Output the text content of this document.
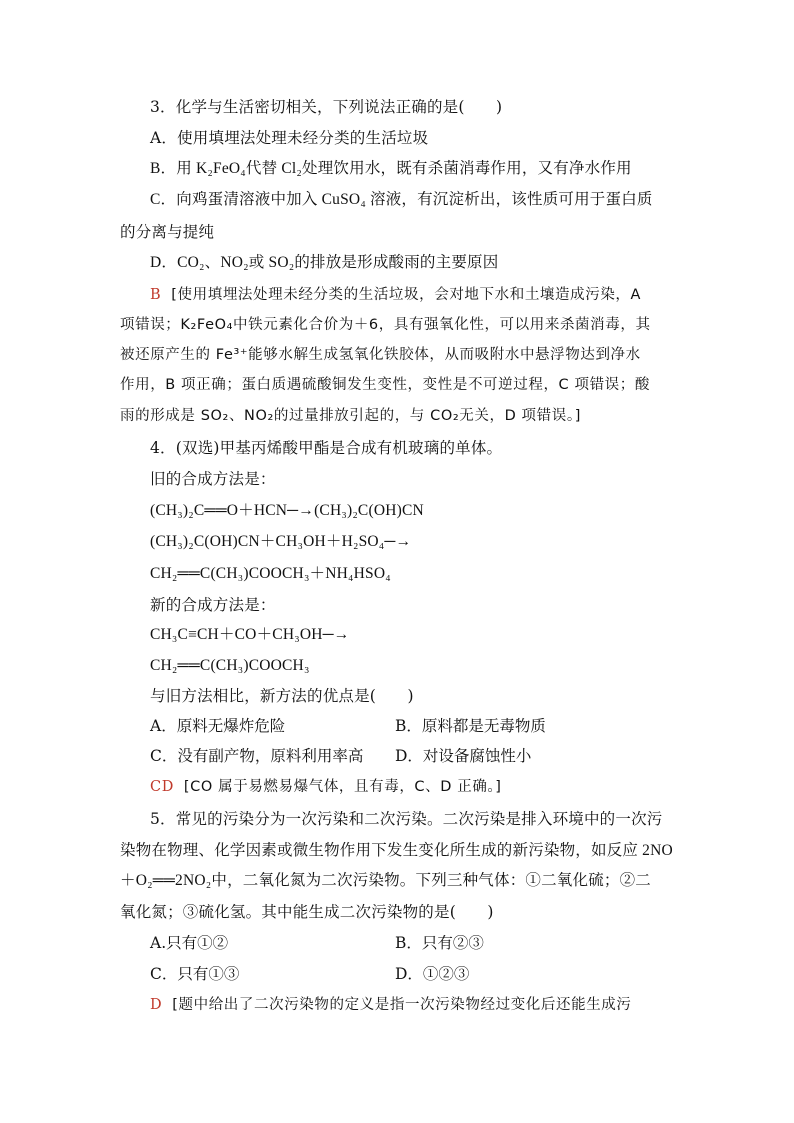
3．化学与生活密切相关，下列说法正确的是(　　)
A．使用填埋法处理未经分类的生活垃圾
B．用 K₂FeO₄代替 Cl₂处理饮用水，既有杀菌消毒作用，又有净水作用
C．向鸡蛋清溶液中加入 CuSO₄ 溶液，有沉淀析出，该性质可用于蛋白质
的分离与提纯
D．CO₂、NO₂或 SO₂的排放是形成酸雨的主要原因
B [使用填埋法处理未经分类的生活垃圾，会对地下水和土壤造成污染，A
项错误；K₂FeO₄中铁元素化合价为＋6，具有强氧化性，可以用来杀菌消毒，其
被还原产生的 Fe³⁺能够水解生成氢氧化铁胶体，从而吸附水中悬浮物达到净水
作用，B 项正确；蛋白质遇硫酸铜发生变性，变性是不可逆过程，C 项错误；酸
雨的形成是 SO₂、NO₂的过量排放引起的，与 CO₂无关，D 项错误。]
4．(双选)甲基丙烯酸甲酯是合成有机玻璃的单体。
旧的合成方法是：
(CH₃)₂C══O＋HCN─→(CH₃)₂C(OH)CN
(CH₃)₂C(OH)CN＋CH₃OH＋H₂SO₄─→
CH₂══C(CH₃)COOCH₃＋NH₄HSO₄
新的合成方法是：
CH₃C≡CH＋CO＋CH₃OH─→
CH₂══C(CH₃)COOCH₃
与旧方法相比，新方法的优点是(　　)
A．原料无爆炸危险	B．原料都是无毒物质
C．没有副产物，原料利用率高 D．对设备腐蚀性小
CD [CO 属于易燃易爆气体，且有毒，C、D 正确。]
5．常见的污染分为一次污染和二次污染。二次污染是排入环境中的一次污
染物在物理、化学因素或微生物作用下发生变化所生成的新污染物，如反应 2NO
＋O₂══2NO₂中，二氧化氮为二次污染物。下列三种气体：①二氧化硫；②二
氧化氮；③硫化氢。其中能生成二次污染物的是(　　)
A.只有①②	B．只有②③
C．只有①③	D．①②③
D [题中给出了二次污染物的定义是指一次污染物经过变化后还能生成污
